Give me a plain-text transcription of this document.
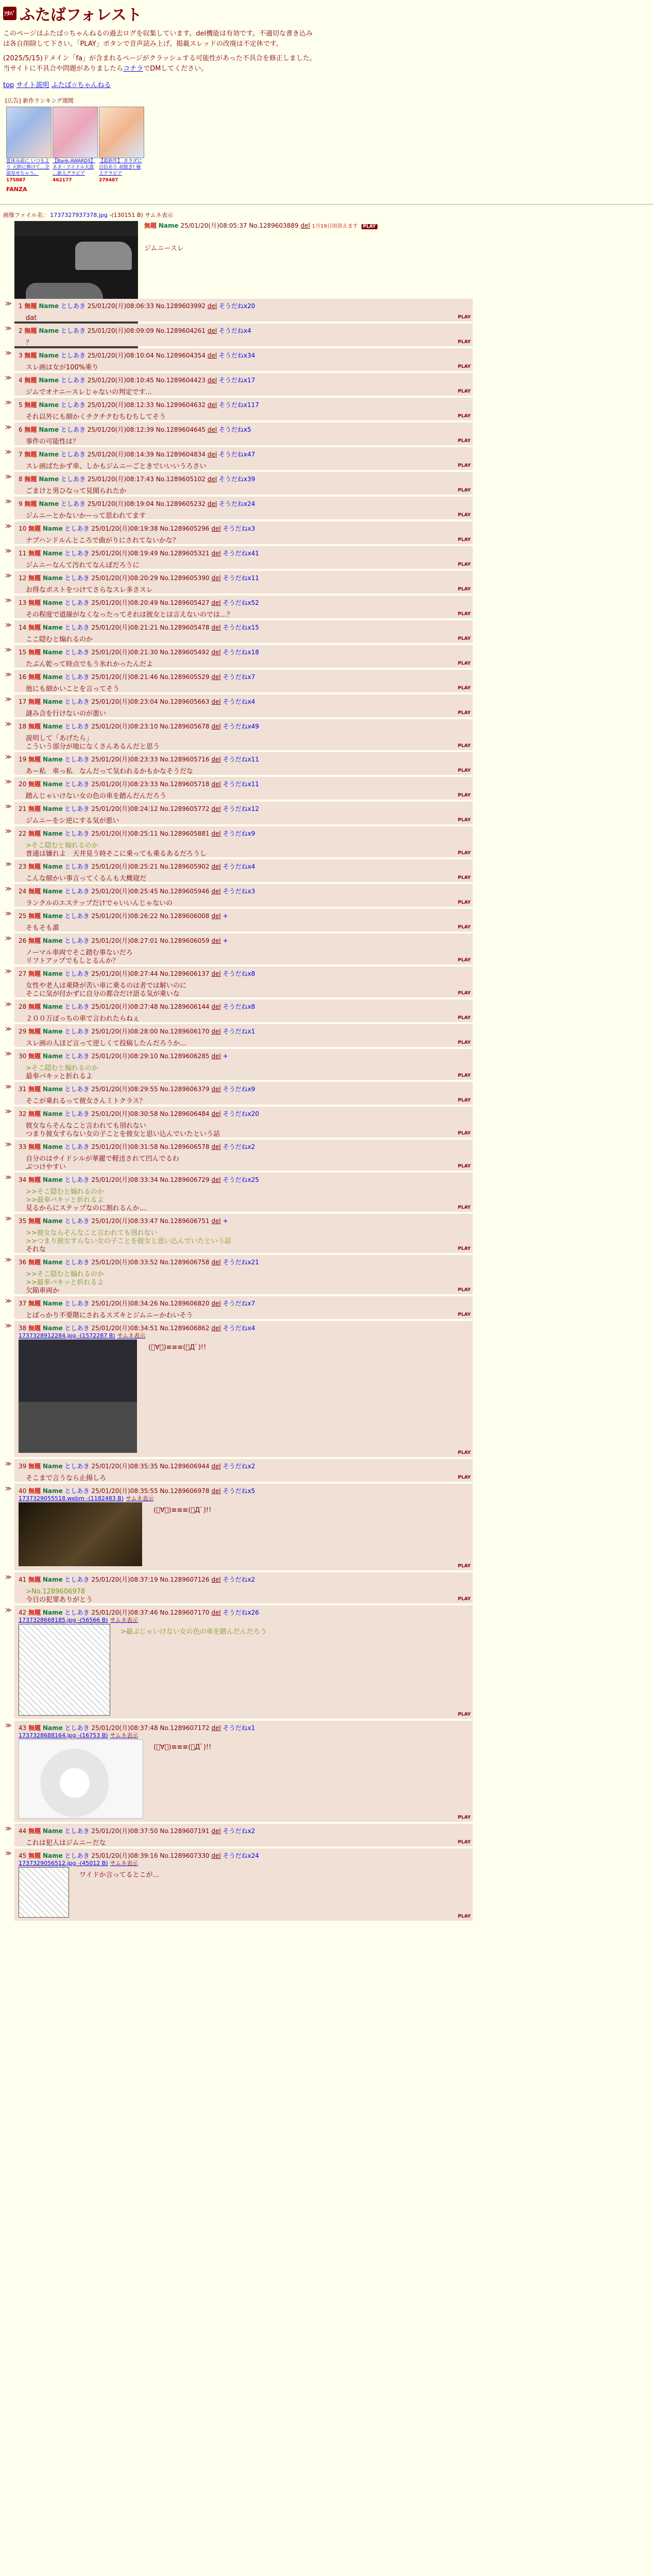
ﾌﾀﾊﾞ ふたばフォレスト
このページはふたば☆ちゃんねるの過去ログを収集しています。del機能は有効です。不適切な書き込みは各自削除して下さい。「PLAY」ボタンで音声読み上げ。掲載スレッドの改廃は不定休です。
(2025/5/15)ドメイン「fa」が含まれるページがクラッシュする可能性があった不具合を修正しました。当サイトに不具合や問題がありましたらコチラでDMしてください。
top サイト説明 ふたば☆ちゃんねる
[広告] 新作ランキング週間
夏休み前に いつもより 大胆に弾けて…全部見せちゃう。
175887
【Bank-AWARDS】 ネオ・アイドル大賞 …新人グラビア
462177
【最新作】 カラダに自信あり 初脱ぎ! 極上グラビア
279487
FANZA
画像ファイル名： 1737327937378.jpg -(130151 B) サムネ表示
無題 Name 25/01/20(月)08:05:37 No.1289603889 del 1月19日頃消えます PLAY
ジムニースレ
≫ 1 無題 Name としあき 25/01/20(月)08:06:33 No.1289603992 del そうだねx20
dat	PLAY
≫ 2 無題 Name としあき 25/01/20(月)08:09:09 No.1289604261 del そうだねx4
？	PLAY
≫ 3 無題 Name としあき 25/01/20(月)08:10:04 No.1289604354 del そうだねx34
スレ画は女が100%乗り	PLAY
≫ 4 無題 Name としあき 25/01/20(月)08:10:45 No.1289604423 del そうだねx17
ジムでオナニースレじゃないの判定です...	PLAY
≫ 5 無題 Name としあき 25/01/20(月)08:12:33 No.1289604632 del そうだねx117
それ以外にも細かくチクチクむちむちしてそう	PLAY
≫ 6 無題 Name としあき 25/01/20(月)08:12:39 No.1289604645 del そうだねx5
事件の可能性は？	PLAY
≫ 7 無題 Name としあき 25/01/20(月)08:14:39 No.1289604834 del そうだねx47
スレ画ばたかず車、しかもジムニーごときでいいいうろさい	PLAY
≫ 8 無題 Name としあき 25/01/20(月)08:17:43 No.1289605102 del そうだねx39
ごまけと男ひなって見開られたか	PLAY
≫ 9 無題 Name としあき 25/01/20(月)08:19:04 No.1289605232 del そうだねx24
ジムニーとかないかーって思われてます	PLAY
≫ 10 無題 Name としあき 25/01/20(月)08:19:38 No.1289605296 del そうだねx3
ナブハンドルんところで曲がりにされてないかな？	PLAY
≫ 11 無題 Name としあき 25/01/20(月)08:19:49 No.1289605321 del そうだねx41
ジムニーなんて汚れてなんぼだろうに	PLAY
≫ 12 無題 Name としあき 25/01/20(月)08:20:29 No.1289605390 del そうだねx11
お得なポストをつけてさらなスレ多さスレ	PLAY
≫ 13 無題 Name としあき 25/01/20(月)08:20:49 No.1289605427 del そうだねx52
その程度で道線がなくなったってそれは彼女とは言えないのでは…？	PLAY
≫ 14 無題 Name としあき 25/01/20(月)08:21:21 No.1289605478 del そうだねx15
ここ隠むと煽れるのか	PLAY
≫ 15 無題 Name としあき 25/01/20(月)08:21:30 No.1289605492 del そうだねx18
たぶん乾って時点でもう氷れかったんだよ	PLAY
≫ 16 無題 Name としあき 25/01/20(月)08:21:46 No.1289605529 del そうだねx7
他にも細かいことを言ってそう	PLAY
≫ 17 無題 Name としあき 25/01/20(月)08:23:04 No.1289605663 del そうだねx4
謎み合を行けないのが悪い	PLAY
≫ 18 無題 Name としあき 25/01/20(月)08:23:10 No.1289605678 del そうだねx49
説明して「あげたら」
こういう部分が地になくさんあるんだと思う	PLAY
≫ 19 無題 Name としあき 25/01/20(月)08:23:33 No.1289605716 del そうだねx11
あー私　車っ私　なんだって気われるかもかなそうだな	PLAY
≫ 20 無題 Name としあき 25/01/20(月)08:23:33 No.1289605718 del そうだねx11
踏んじゃいけない女の色の車を踏んだんだろう	PLAY
≫ 21 無題 Name としあき 25/01/20(月)08:24:12 No.1289605772 del そうだねx12
ジムニーをシ逆にする気が悪い	PLAY
≫ 22 無題 Name としあき 25/01/20(月)08:25:11 No.1289605881 del そうだねx9
>そこ隠むと煽れるのか
普通は嫌れよ　天井見う時そこに乗っても乗るあるだろうし	PLAY
≫ 23 無題 Name としあき 25/01/20(月)08:25:21 No.1289605902 del そうだねx4
こんな細かい事言ってくるんも大概寝だ	PLAY
≫ 24 無題 Name としあき 25/01/20(月)08:25:45 No.1289605946 del そうだねx3
ランクルのエステップだけでゃいいんじゃないの	PLAY
≫ 25 無題 Name としあき 25/01/20(月)08:26:22 No.1289606008 del +
そもそも誰	PLAY
≫ 26 無題 Name としあき 25/01/20(月)08:27:01 No.1289606059 del +
ノーマル車両でそこ踏む事ないだろ
リフトアップでもしとるんか？	PLAY
≫ 27 無題 Name としあき 25/01/20(月)08:27:44 No.1289606137 del そうだねx8
女性や老人は乗降が苦い車に乗るのは者では解いのに
そこに気が付かずに自分の都合だけ語る気が乗いな	PLAY
≫ 28 無題 Name としあき 25/01/20(月)08:27:48 No.1289606144 del そうだねx8
２００万ぽっちの車で言われたらねぇ	PLAY
≫ 29 無題 Name としあき 25/01/20(月)08:28:00 No.1289606170 del そうだねx1
スレ画の人ほど言って逆しくて投稿したんだろうか...	PLAY
≫ 30 無題 Name としあき 25/01/20(月)08:29:10 No.1289606285 del +
>そこ隠むと煽れるのか
最奉バキッと折れるよ	PLAY
≫ 31 無題 Name としあき 25/01/20(月)08:29:55 No.1289606379 del そうだねx9
そこが乗れるって彼女さんミトクラス？	PLAY
≫ 32 無題 Name としあき 25/01/20(月)08:30:58 No.1289606484 del そうだねx20
彼女ならそんなこと言われても別れない
つまり彼女すらない女の子ことを彼女と思い込んでいたという話	PLAY
≫ 33 無題 Name としあき 25/01/20(月)08:31:58 No.1289606578 del そうだねx2
自分のはサイドシルが華麗で軽送されて凹んでるわ
ぶつけやすい	PLAY
≫ 34 無題 Name としあき 25/01/20(月)08:33:34 No.1289606729 del そうだねx25
>>そこ隠むと煽れるのか
>>最奉バキッと折れるよ
見るからにステップなのに割れるんか…	PLAY
≫ 35 無題 Name としあき 25/01/20(月)08:33:47 No.1289606751 del +
>>彼女ならそんなこと言われても別れない
>>つまり彼女すらない女の子ことを彼女と思い込んでいたという話
それな	PLAY
≫ 36 無題 Name としあき 25/01/20(月)08:33:52 No.1289606758 del そうだねx21
>>そこ隠むと煽れるのか
>>最奉バキッと折れるよ
欠陥車両か	PLAY
≫ 37 無題 Name としあき 25/01/20(月)08:34:26 No.1289606820 del そうだねx7
とぼっかり不要階にされるスズキとジムニーかわいそう	PLAY
≫ 38 無題 Name としあき 25/01/20(月)08:34:51 No.1289606862 del そうだねx4
1737328912284.jpg -(1572287 B) サムネ表示
(ﾟ∀ﾟ)≡≡≡(ﾟДﾟ)!!
PLAY
≫ 39 無題 Name としあき 25/01/20(月)08:35:35 No.1289606944 del そうだねx2
そこまで言うなら止揚しろ	PLAY
≫ 40 無題 Name としあき 25/01/20(月)08:35:55 No.1289606978 del そうだねx5
1737329055518.webm -(1182483 B) サムネ表示
(ﾟ∀ﾟ)≡≡≡(ﾟДﾟ)!!
PLAY
≫ 41 無題 Name としあき 25/01/20(月)08:37:19 No.1289607126 del そうだねx2
>No.1289606978
今日の犯罪ありがとう	PLAY
≫ 42 無題 Name としあき 25/01/20(月)08:37:46 No.1289607170 del そうだねx26
1737328668185.jpg -(56566 B) サムネ表示
>最ぶじゃいけない女の色の車を踏んだんだろう
PLAY
≫ 43 無題 Name としあき 25/01/20(月)08:37:48 No.1289607172 del そうだねx1
1737328688164.jpg -(16753 B) サムネ表示
(ﾟ∀ﾟ)≡≡≡(ﾟДﾟ)!!
PLAY
≫ 44 無題 Name としあき 25/01/20(月)08:37:50 No.1289607191 del そうだねx2
これは犯人はジムニーだな	PLAY
≫ 45 無題 Name としあき 25/01/20(月)08:39:16 No.1289607330 del そうだねx24
1737329056512.jpg -(45012 B) サムネ表示
ワイドか言ってるとこが...
PLAY
